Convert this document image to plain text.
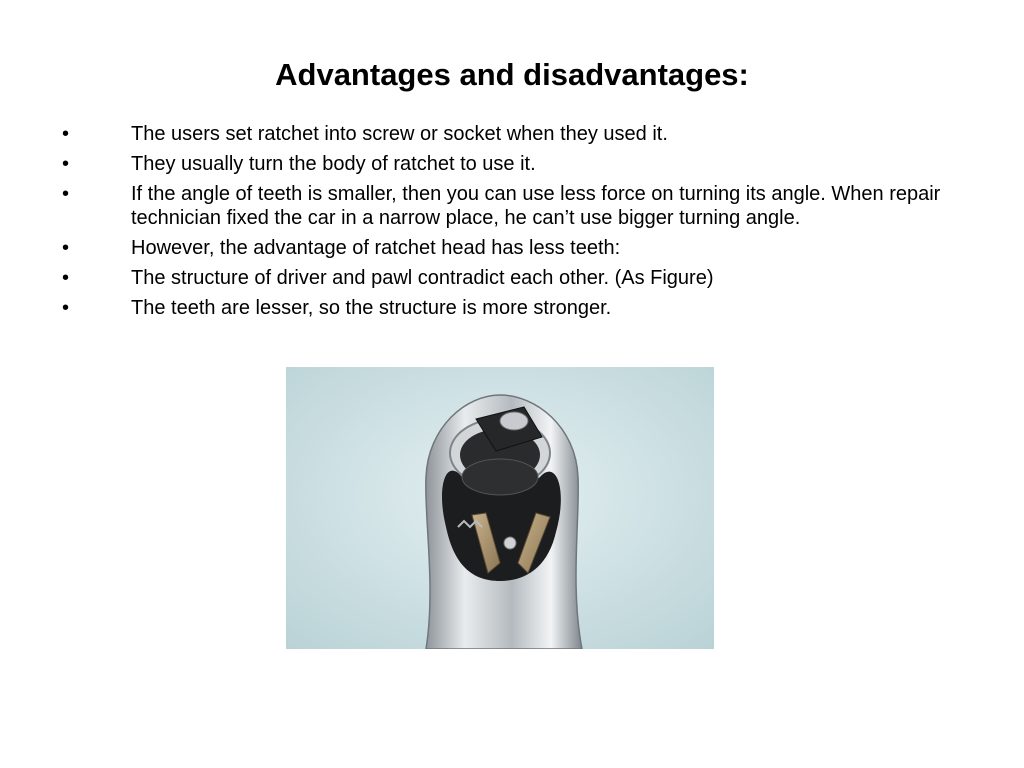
Advantages and disadvantages:
•	The users set ratchet into screw or socket when they used it.
•	They usually turn the body of ratchet to use it.
•	If the angle of teeth is smaller, then you can use less force on turning its angle. When repair technician fixed the car in a narrow place, he can’t use bigger turning angle.
•	However, the advantage of ratchet head has less teeth:
•	The structure of driver and pawl contradict each other. (As Figure)
•	The teeth are lesser, so the structure is more stronger.
